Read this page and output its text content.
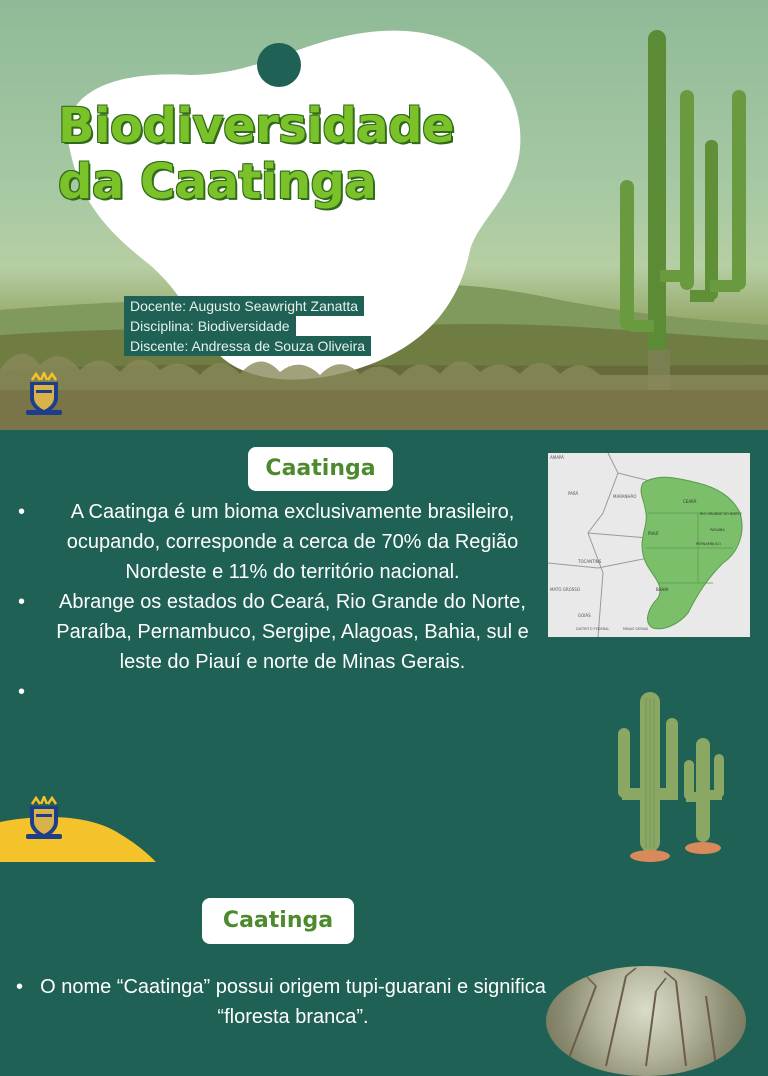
Biodiversidade
da Caatinga
Docente: Augusto Seawright Zanatta
Disciplina: Biodiversidade
Discente: Andressa de Souza Oliveira
Caatinga
• A Caatinga é um bioma exclusivamente brasileiro, ocupando, corresponde a cerca de 70% da Região Nordeste e 11% do território nacional.
• Abrange os estados do Ceará, Rio Grande do Norte, Paraíba, Pernambuco, Sergipe, Alagoas, Bahia, sul e leste do Piauí e norte de Minas Gerais.
•
AMAPÁ
PARÁ
MARANHÃO
CEARÁ
RIO GRANDE DO NORTE
PIAUÍ
PARAÍBA
PERNAMBUCO
TOCANTINS
BAHIA
MATO GROSSO
GOIÁS
DISTRITO FEDERAL	MINAS GERAIS
Caatinga
• O nome “Caatinga” possui origem tupi-guarani e significa “floresta branca”.
